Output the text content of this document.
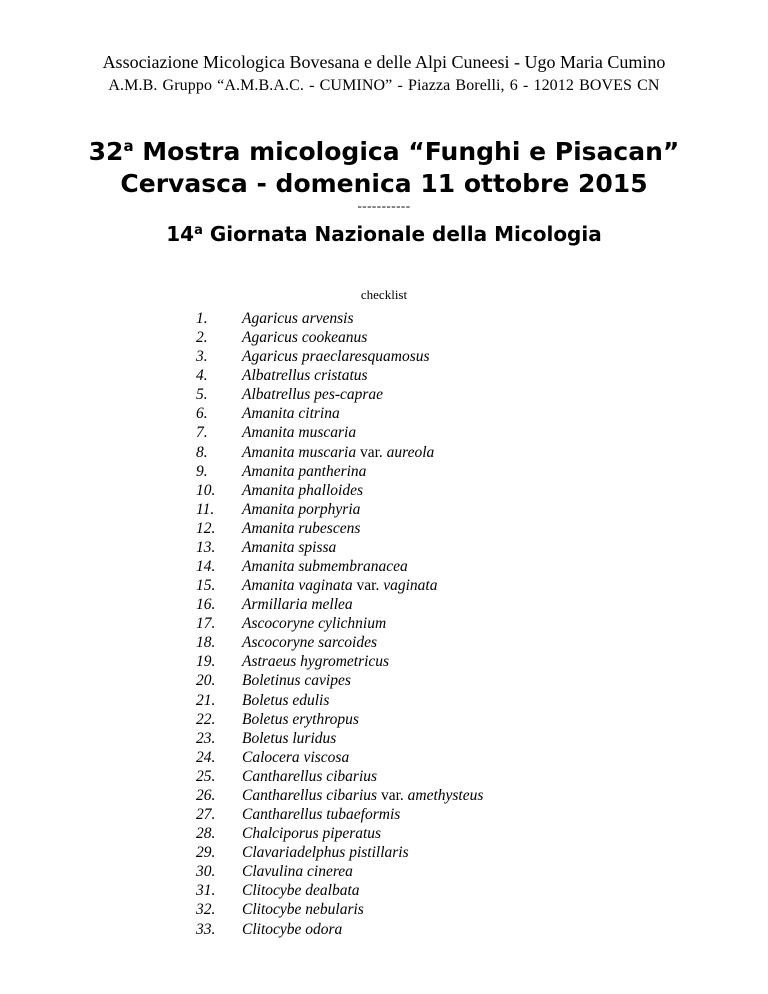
Associazione Micologica Bovesana e delle Alpi Cuneesi - Ugo Maria Cumino
A.M.B. Gruppo “A.M.B.A.C. - CUMINO” - Piazza Borelli, 6 - 12012 BOVES CN
32$^a$ Mostra micologica “Funghi e Pisacan”
Cervasca - domenica 11 ottobre 2015
-----------
14$^a$ Giornata Nazionale della Micologia
checklist
1. Agaricus arvensis
2. Agaricus cookeanus
3. Agaricus praeclaresquamosus
4. Albatrellus cristatus
5. Albatrellus pes-caprae
6. Amanita citrina
7. Amanita muscaria
8. Amanita muscaria var. aureola
9. Amanita pantherina
10. Amanita phalloides
11. Amanita porphyria
12. Amanita rubescens
13. Amanita spissa
14. Amanita submembranacea
15. Amanita vaginata var. vaginata
16. Armillaria mellea
17. Ascocoryne cylichnium
18. Ascocoryne sarcoides
19. Astraeus hygrometricus
20. Boletinus cavipes
21. Boletus edulis
22. Boletus erythropus
23. Boletus luridus
24. Calocera viscosa
25. Cantharellus cibarius
26. Cantharellus cibarius var. amethysteus
27. Cantharellus tubaeformis
28. Chalciporus piperatus
29. Clavariadelphus pistillaris
30. Clavulina cinerea
31. Clitocybe dealbata
32. Clitocybe nebularis
33. Clitocybe odora
